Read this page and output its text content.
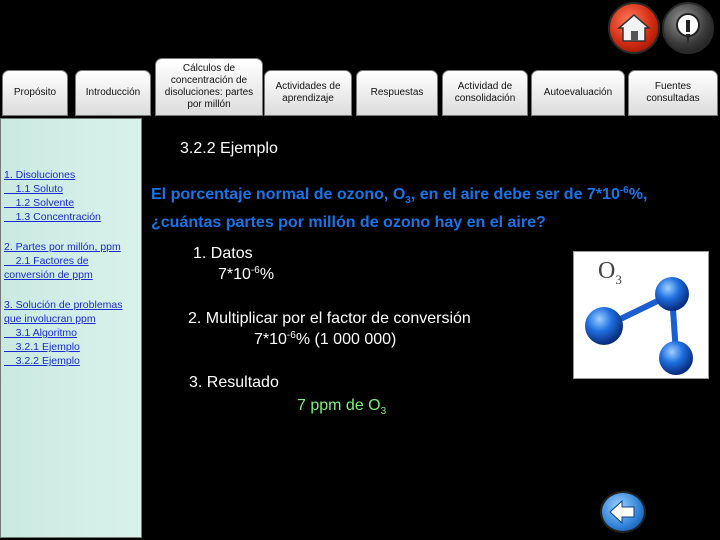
Propósito	Introducción
Cálculos de concentración de disoluciones: partes por millón
Actividades de aprendizaje
Respuestas
Actividad de consolidación
Autoevaluación
Fuentes consultadas
1. Disoluciones
1.1 Soluto
1.2 Solvente
1.3 Concentración
2. Partes por millón, ppm
2.1 Factores de
conversión de ppm
3. Solución de problemas
que involucran ppm
3.1 Algoritmo
3.2.1 Ejemplo
3.2.2 Ejemplo
3.2.2 Ejemplo
El porcentaje normal de ozono, $O_3$, en el aire debe ser de $7*10^{-6}\%$,
¿cuántas partes por millón de ozono hay en el aire?
1. Datos
$7*10^{-6}\%$
2. Multiplicar por el factor de conversión
$7*10^{-6}\%$ (1 000 000)
3. Resultado
7 ppm de $O_3$
$O_3$
